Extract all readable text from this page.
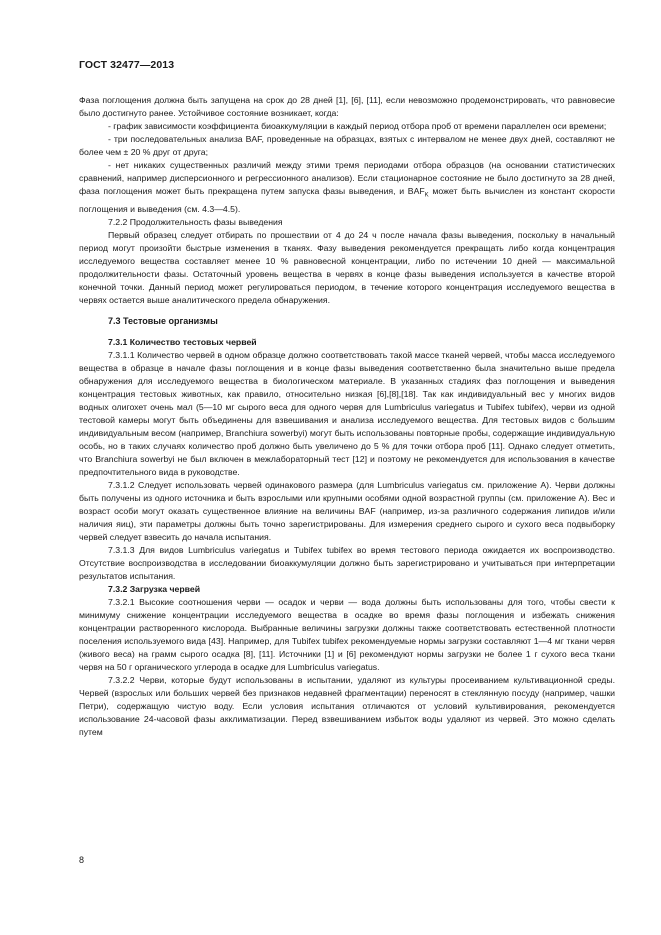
ГОСТ 32477—2013

Фаза поглощения должна быть запущена на срок до 28 дней [1], [6], [11], если невозможно продемонстрировать, что равновесие было достигнуто ранее. Устойчивое состояние возникает, когда:

- график зависимости коэффициента биоаккумуляции в каждый период отбора проб от времени параллелен оси времени;

- три последовательных анализа BAF, проведенные на образцах, взятых с интервалом не менее двух дней, составляют не более чем ± 20 % друг от друга;

- нет никаких существенных различий между этими тремя периодами отбора образцов (на основании статистических сравнений, например дисперсионного и регрессионного анализов). Если стационарное состояние не было достигнуто за 28 дней, фаза поглощения может быть прекращена путем запуска фазы выведения, и $BAF_K$ может быть вычислен из констант скорости поглощения и выведения (см. 4.3—4.5).

7.2.2 Продолжительность фазы выведения

Первый образец следует отбирать по прошествии от 4 до 24 ч после начала фазы выведения, поскольку в начальный период могут произойти быстрые изменения в тканях. Фазу выведения рекомендуется прекращать либо когда концентрация исследуемого вещества составляет менее 10 % равновесной концентрации, либо по истечении 10 дней — максимальной продолжительности фазы. Остаточный уровень вещества в червях в конце фазы выведения используется в качестве второй конечной точки. Данный период может регулироваться периодом, в течение которого концентрация исследуемого вещества в червях остается выше аналитического предела обнаружения.

7.3 Тестовые организмы

7.3.1 Количество тестовых червей

7.3.1.1 Количество червей в одном образце должно соответствовать такой массе тканей червей, чтобы масса исследуемого вещества в образце в начале фазы поглощения и в конце фазы выведения соответственно была значительно выше предела обнаружения для исследуемого вещества в биологическом материале. В указанных стадиях фаз поглощения и выведения концентрация тестовых животных, как правило, относительно низкая [6],[8],[18]. Так как индивидуальный вес у многих видов водных олигохет очень мал (5—10 мг сырого веса для одного червя для Lumbriculus variegatus и Tubifex tubifex), черви из одной тестовой камеры могут быть объединены для взвешивания и анализа исследуемого вещества. Для тестовых видов с большим индивидуальным весом (например, Branchiura sowerbyi) могут быть использованы повторные пробы, содержащие индивидуальную особь, но в таких случаях количество проб должно быть увеличено до 5 % для точки отбора проб [11]. Однако следует отметить, что Branchiura sowerbyi не был включен в межлабораторный тест [12] и поэтому не рекомендуется для использования в качестве предпочтительного вида в руководстве.

7.3.1.2 Следует использовать червей одинакового размера (для Lumbriculus variegatus см. приложение А). Черви должны быть получены из одного источника и быть взрослыми или крупными особями одной возрастной группы (см. приложение А). Вес и возраст особи могут оказать существенное влияние на величины BAF (например, из-за различного содержания липидов и/или наличия яиц), эти параметры должны быть точно зарегистрированы. Для измерения среднего сырого и сухого веса подвыборку червей следует взвесить до начала испытания.

7.3.1.3 Для видов Lumbriculus variegatus и Tubifex tubifex во время тестового периода ожидается их воспроизводство. Отсутствие воспроизводства в исследовании биоаккумуляции должно быть зарегистрировано и учитываться при интерпретации результатов испытания.

7.3.2 Загрузка червей

7.3.2.1 Высокие соотношения черви — осадок и черви — вода должны быть использованы для того, чтобы свести к минимуму снижение концентрации исследуемого вещества в осадке во время фазы поглощения и избежать снижения концентрации растворенного кислорода. Выбранные величины загрузки должны также соответствовать естественной плотности поселения используемого вида [43]. Например, для Tubifex tubifex рекомендуемые нормы загрузки составляют 1—4 мг ткани червя (живого веса) на грамм сырого осадка [8], [11]. Источники [1] и [6] рекомендуют нормы загрузки не более 1 г сухого веса ткани червя на 50 г органического углерода в осадке для Lumbriculus variegatus.

7.3.2.2 Черви, которые будут использованы в испытании, удаляют из культуры просеиванием культивационной среды. Червей (взрослых или больших червей без признаков недавней фрагментации) переносят в стеклянную посуду (например, чашки Петри), содержащую чистую воду. Если условия испытания отличаются от условий культивирования, рекомендуется использование 24-часовой фазы акклиматизации. Перед взвешиванием избыток воды удаляют из червей. Это можно сделать путем

8
